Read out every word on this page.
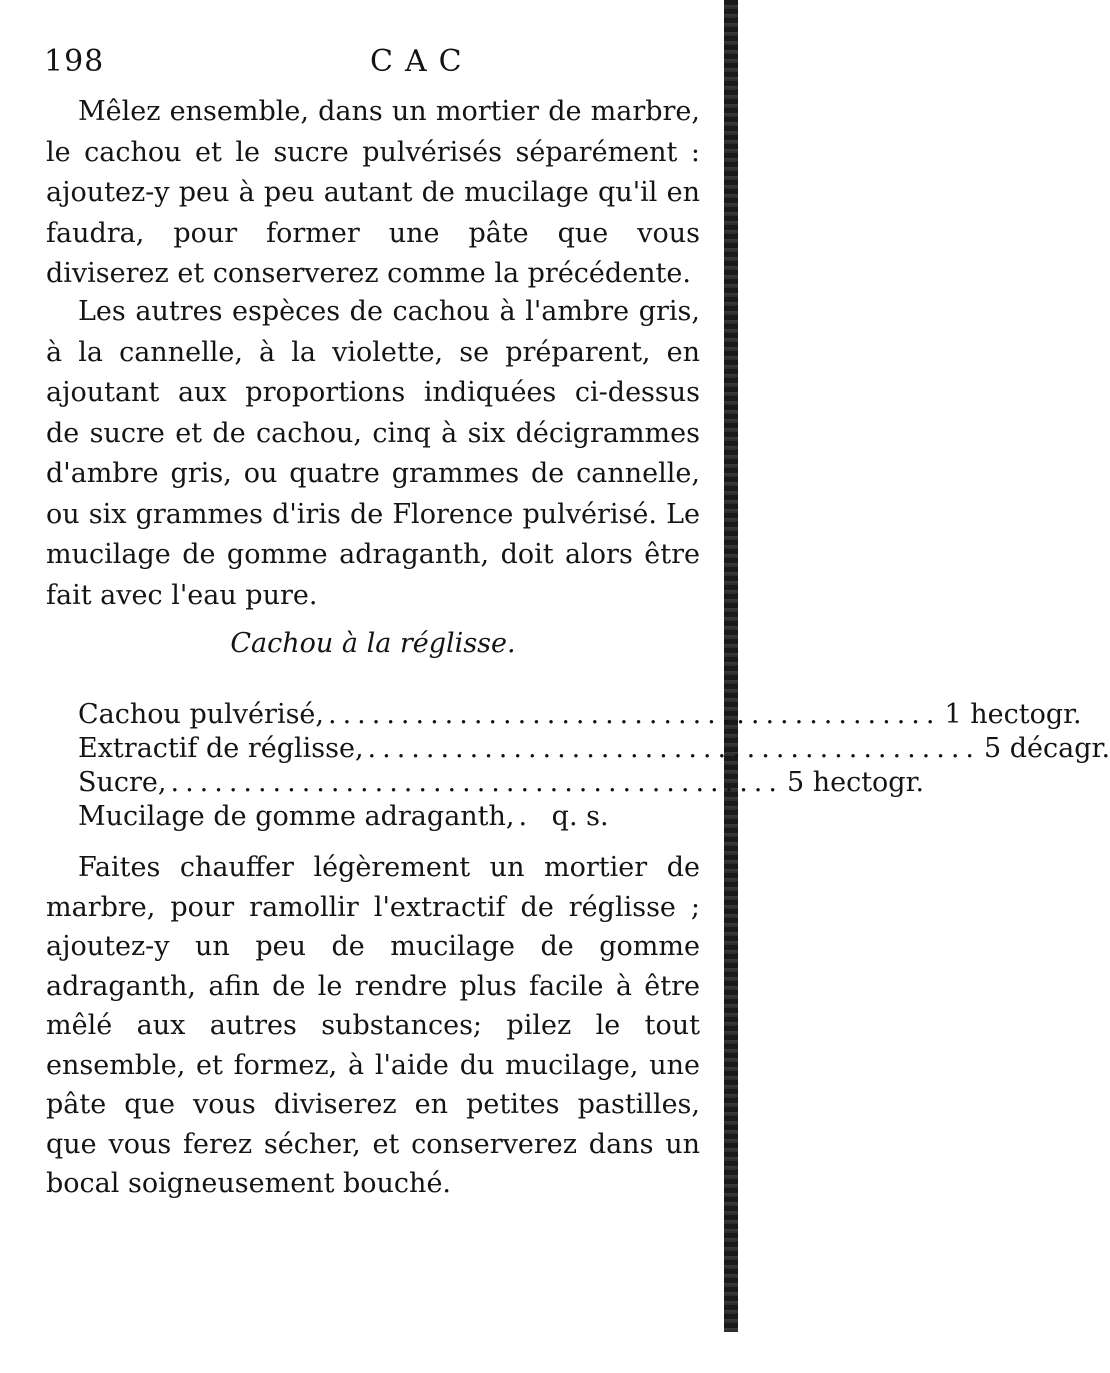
198	CAC
Mêlez ensemble, dans un mortier de marbre, le cachou et le sucre pulvérisés séparément : ajoutez-y peu à peu autant de mucilage qu'il en faudra, pour former une pâte que vous diviserez et conserverez comme la précédente.
Les autres espèces de cachou à l'ambre gris, à la cannelle, à la violette, se préparent, en ajoutant aux proportions indiquées ci-dessus de sucre et de cachou, cinq à six décigrammes d'ambre gris, ou quatre grammes de cannelle, ou six grammes d'iris de Florence pulvérisé. Le mucilage de gomme adraganth, doit alors être fait avec l'eau pure.
Cachou à la réglisse.
Cachou pulvérisé, .......................................... 1 hectogr.
Extractif de réglisse, .......................................... 5 décagr.
Sucre, .......................................... 5 hectogr.
Mucilage de gomme adraganth, . q. s.
Faites chauffer légèrement un mortier de marbre, pour ramollir l'extractif de réglisse ; ajoutez-y un peu de mucilage de gomme adraganth, afin de le rendre plus facile à être mêlé aux autres substances; pilez le tout ensemble, et formez, à l'aide du mucilage, une pâte que vous diviserez en petites pastilles, que vous ferez sécher, et conserverez dans un bocal soigneusement bouché.
